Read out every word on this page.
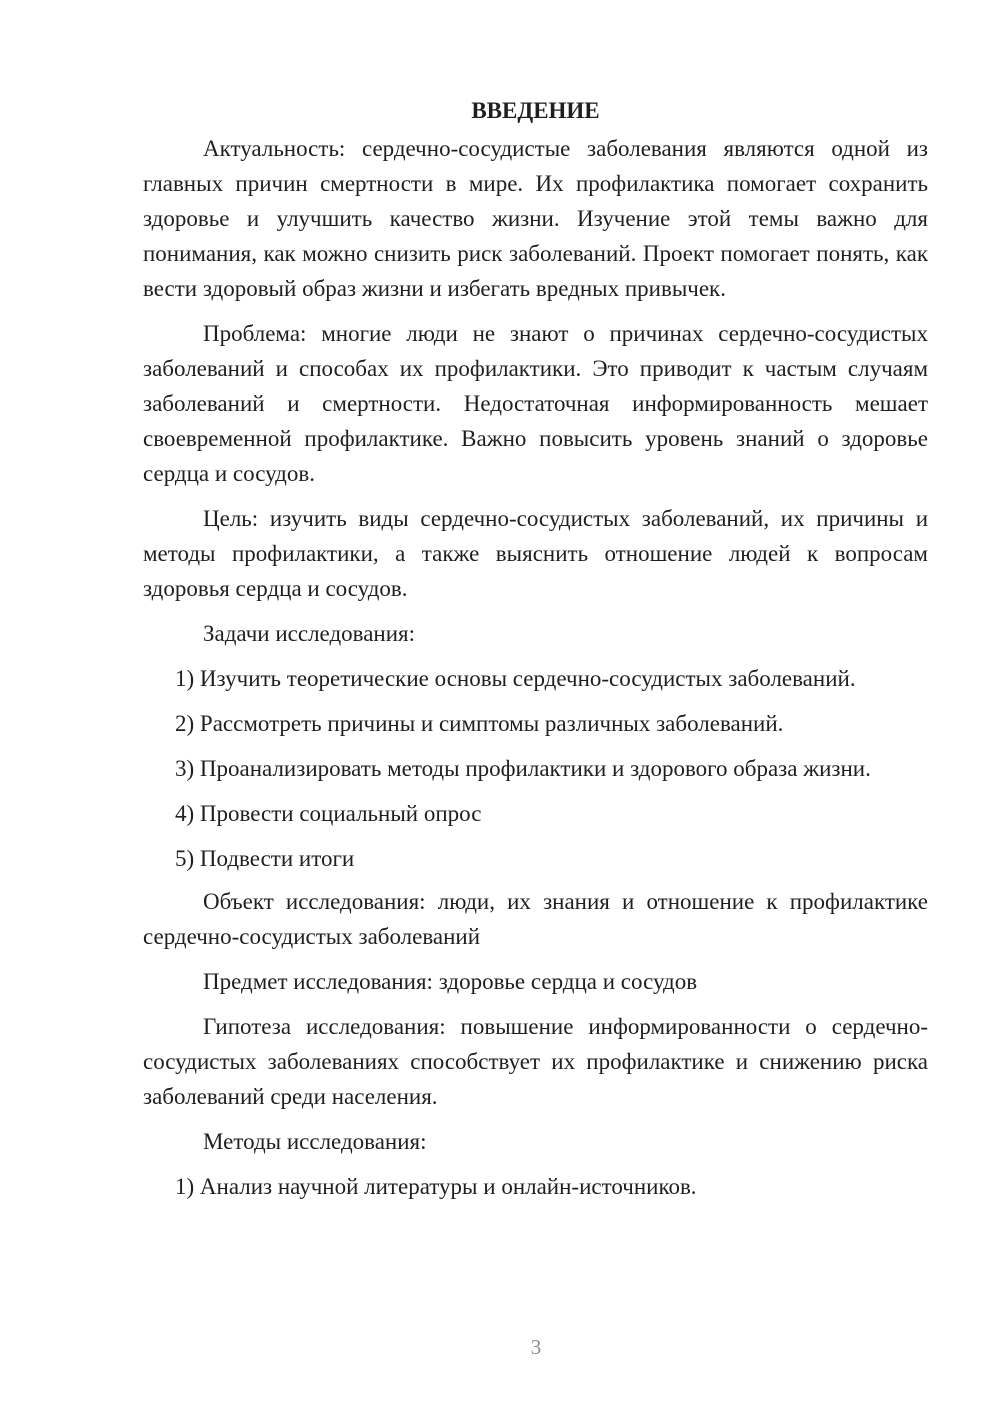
ВВЕДЕНИЕ

Актуальность: сердечно-сосудистые заболевания являются одной из главных причин смертности в мире. Их профилактика помогает сохранить здоровье и улучшить качество жизни. Изучение этой темы важно для понимания, как можно снизить риск заболеваний. Проект помогает понять, как вести здоровый образ жизни и избегать вредных привычек.

Проблема: многие люди не знают о причинах сердечно-сосудистых заболеваний и способах их профилактики. Это приводит к частым случаям заболеваний и смертности. Недостаточная информированность мешает своевременной профилактике. Важно повысить уровень знаний о здоровье сердца и сосудов.

Цель: изучить виды сердечно-сосудистых заболеваний, их причины и методы профилактики, а также выяснить отношение людей к вопросам здоровья сердца и сосудов.

Задачи исследования:

1) Изучить теоретические основы сердечно-сосудистых заболеваний.

2) Рассмотреть причины и симптомы различных заболеваний.

3) Проанализировать методы профилактики и здорового образа жизни.

4) Провести социальный опрос

5) Подвести итоги

Объект исследования: люди, их знания и отношение к профилактике сердечно-сосудистых заболеваний

Предмет исследования: здоровье сердца и сосудов

Гипотеза исследования: повышение информированности о сердечно-сосудистых заболеваниях способствует их профилактике и снижению риска заболеваний среди населения.

Методы исследования:

1) Анализ научной литературы и онлайн-источников.

3
